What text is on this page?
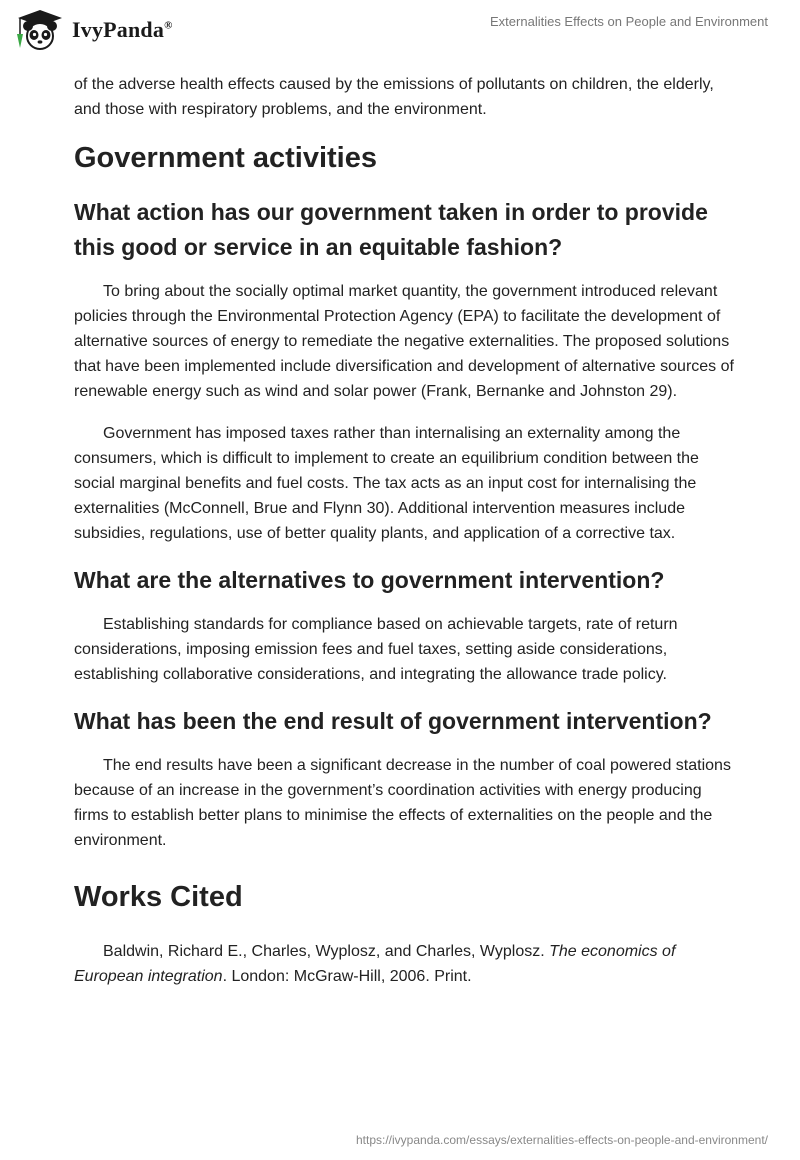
IvyPanda®	Externalities Effects on People and Environment

of the adverse health effects caused by the emissions of pollutants on children, the elderly, and those with respiratory problems, and the environment.

Government activities
What action has our government taken in order to provide this good or service in an equitable fashion?

To bring about the socially optimal market quantity, the government introduced relevant policies through the Environmental Protection Agency (EPA) to facilitate the development of alternative sources of energy to remediate the negative externalities. The proposed solutions that have been implemented include diversification and development of alternative sources of renewable energy such as wind and solar power (Frank, Bernanke and Johnston 29).

Government has imposed taxes rather than internalising an externality among the consumers, which is difficult to implement to create an equilibrium condition between the social marginal benefits and fuel costs. The tax acts as an input cost for internalising the externalities (McConnell, Brue and Flynn 30). Additional intervention measures include subsidies, regulations, use of better quality plants, and application of a corrective tax.

What are the alternatives to government intervention?

Establishing standards for compliance based on achievable targets, rate of return considerations, imposing emission fees and fuel taxes, setting aside considerations, establishing collaborative considerations, and integrating the allowance trade policy.

What has been the end result of government intervention?

The end results have been a significant decrease in the number of coal powered stations because of an increase in the government’s coordination activities with energy producing firms to establish better plans to minimise the effects of externalities on the people and the environment.

Works Cited

Baldwin, Richard E., Charles, Wyplosz, and Charles, Wyplosz. The economics of European integration. London: McGraw-Hill, 2006. Print.

https://ivypanda.com/essays/externalities-effects-on-people-and-environment/
